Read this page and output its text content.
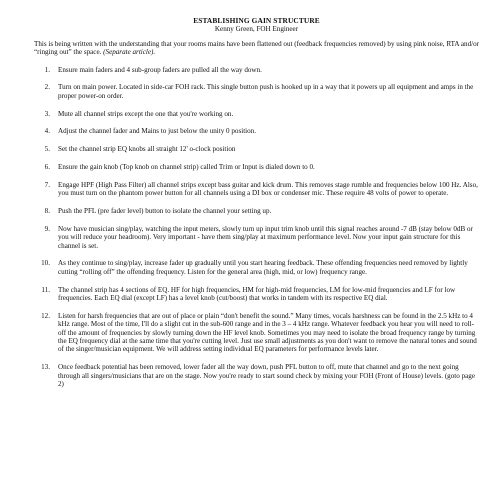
ESTABLISHING GAIN STRUCTURE

Kenny Green, FOH Engineer

This is being written with the understanding that your rooms mains have been flattened out (feedback frequencies removed) by using pink noise, RTA and/or “ringing out” the space. (Separate article).

1.	Ensure main faders and 4 sub-group faders are pulled all the way down.
2.	Turn on main power. Located in side-car FOH rack. This single button push is hooked up in a way that it powers up all equipment and amps in the proper power-on order.
3.	Mute all channel strips except the one that you're working on.
4.	Adjust the channel fader and Mains to just below the unity 0 position.
5.	Set the channel strip EQ knobs all straight 12' o-clock position
6.	Ensure the gain knob (Top knob on channel strip) called Trim or Input is dialed down to 0.
7.	Engage HPF (High Pass Filter) all channel strips except bass guitar and kick drum. This removes stage rumble and frequencies below 100 Hz. Also, you must turn on the phantom power button for all channels using a DI box or condenser mic. These require 48 volts of power to operate.
8.	Push the PFL (pre fader level) button to isolate the channel your setting up.
9.	Now have musician sing/play, watching the input meters, slowly turn up input trim knob until this signal reaches around -7 dB (stay below 0dB or you will reduce your headroom). Very important - have them sing/play at maximum performance level. Now your input gain structure for this channel is set.
10.	As they continue to sing/play, increase fader up gradually until you start hearing feedback. These offending frequencies need removed by lightly cutting “rolling off” the offending frequency. Listen for the general area (high, mid, or low) frequency range.
11.	The channel strip has 4 sections of EQ. HF for high frequencies, HM for high-mid frequencies, LM for low-mid frequencies and LF for low frequencies. Each EQ dial (except LF) has a level knob (cut/boost) that works in tandem with its respective EQ dial.
12.	Listen for harsh frequencies that are out of place or plain “don't benefit the sound.” Many times, vocals harshness can be found in the 2.5 kHz to 4 kHz range. Most of the time, I'll do a slight cut in the sub-600 range and in the 3 – 4 kHz range. Whatever feedback you hear you will need to roll-off the amount of frequencies by slowly turning down the HF level knob. Sometimes you may need to isolate the broad frequency range by turning the EQ frequency dial at the same time that you're cutting level. Just use small adjustments as you don't want to remove the natural tones and sound of the singer/musician equipment. We will address setting individual EQ parameters for performance levels later.
13.	Once feedback potential has been removed, lower fader all the way down, push PFL button to off, mute that channel and go to the next going through all singers/musicians that are on the stage. Now you're ready to start sound check by mixing your FOH (Front of House) levels. (goto page 2)
